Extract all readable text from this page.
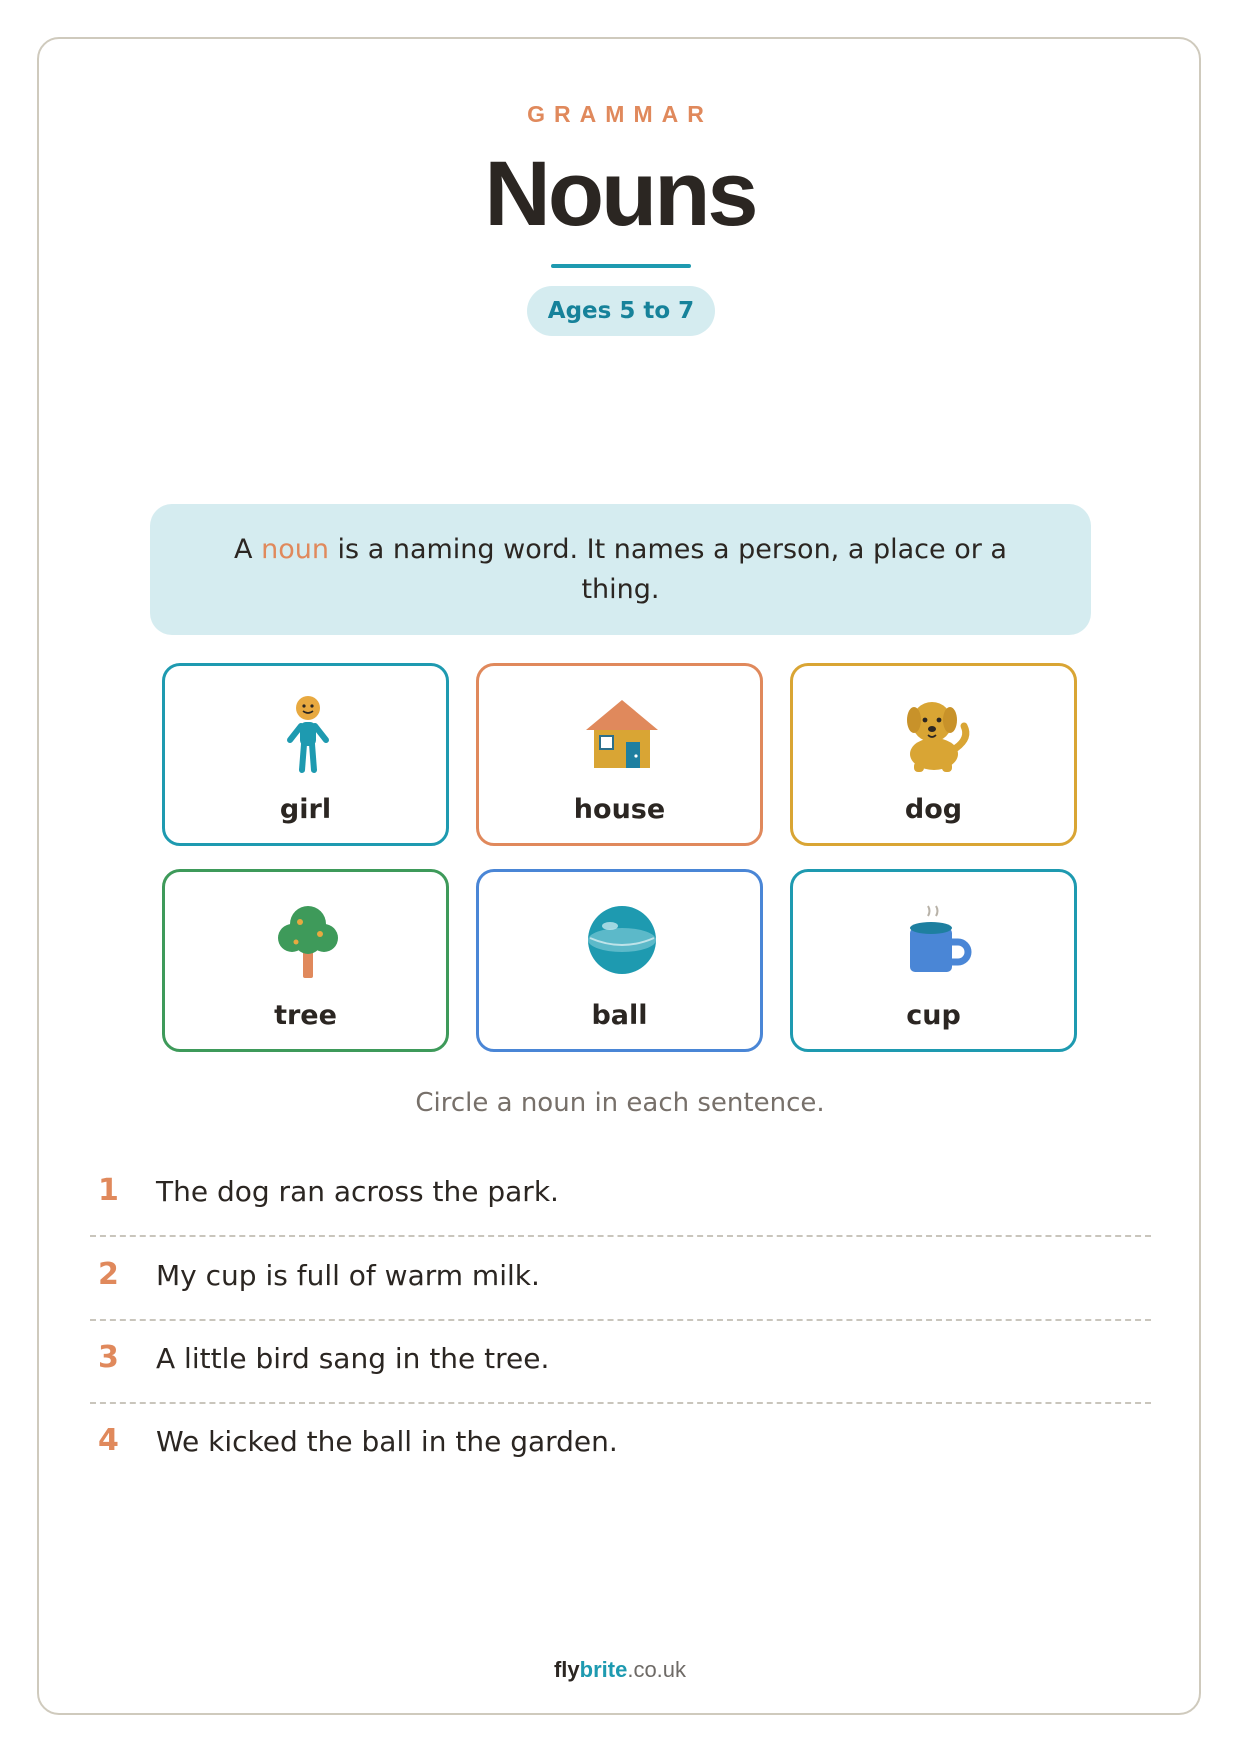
GRAMMAR
Nouns
Ages 5 to 7
A noun is a naming word. It names a person, a place or a thing.
girl	house	dog
tree	ball	cup
Circle a noun in each sentence.
1	The dog ran across the park.
2	My cup is full of warm milk.
3	A little bird sang in the tree.
4	We kicked the ball in the garden.
flybrite.co.uk
